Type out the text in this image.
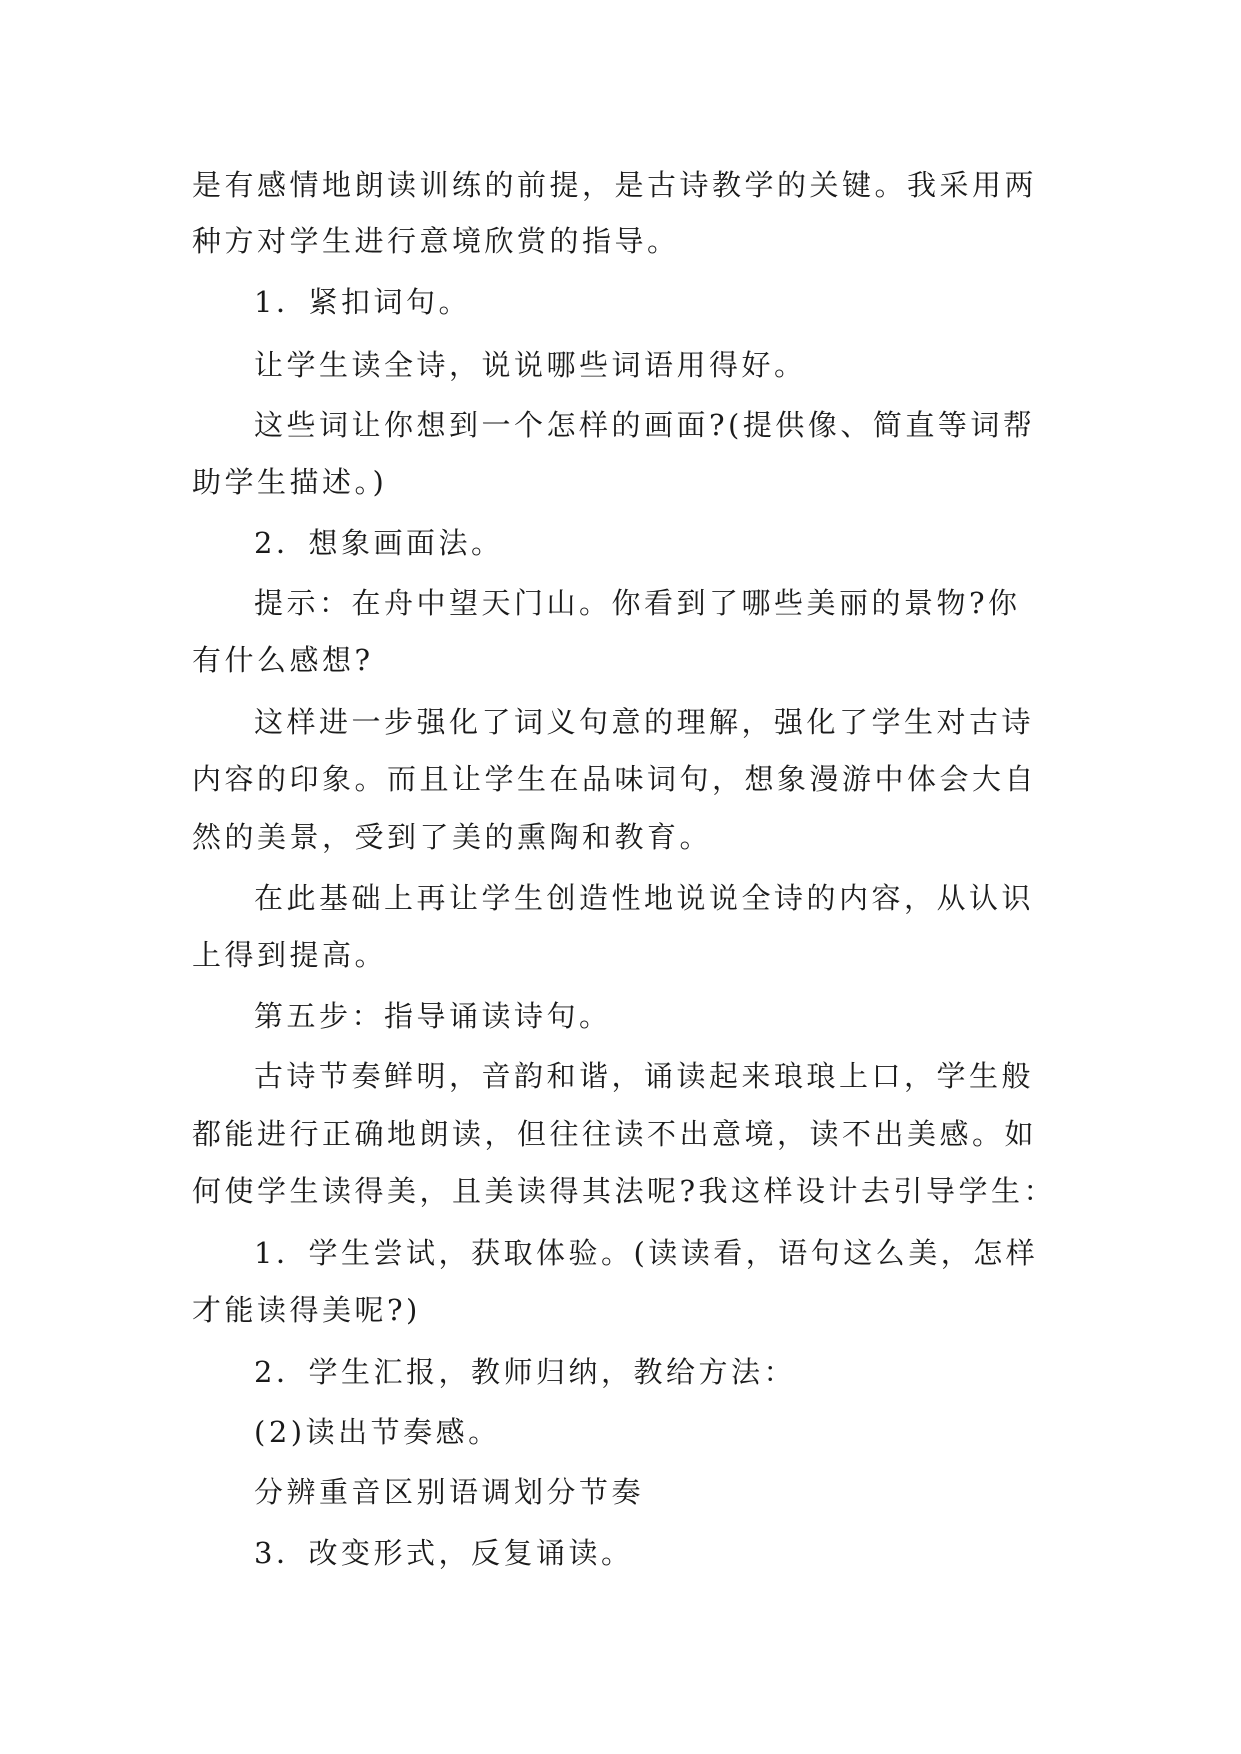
是有感情地朗读训练的前提，是古诗教学的关键。我采用两
种方对学生进行意境欣赏的指导。
1．紧扣词句。
让学生读全诗，说说哪些词语用得好。
这些词让你想到一个怎样的画面?(提供像、简直等词帮
助学生描述。)
2．想象画面法。
提示：在舟中望天门山。你看到了哪些美丽的景物?你
有什么感想?
这样进一步强化了词义句意的理解，强化了学生对古诗
内容的印象。而且让学生在品味词句，想象漫游中体会大自
然的美景，受到了美的熏陶和教育。
在此基础上再让学生创造性地说说全诗的内容，从认识
上得到提高。
第五步：指导诵读诗句。
古诗节奏鲜明，音韵和谐，诵读起来琅琅上口，学生般
都能进行正确地朗读，但往往读不出意境，读不出美感。如
何使学生读得美，且美读得其法呢?我这样设计去引导学生：
1．学生尝试，获取体验。(读读看，语句这么美，怎样
才能读得美呢?)
2．学生汇报，教师归纳，教给方法：
(2)读出节奏感。
分辨重音区别语调划分节奏
3．改变形式，反复诵读。
